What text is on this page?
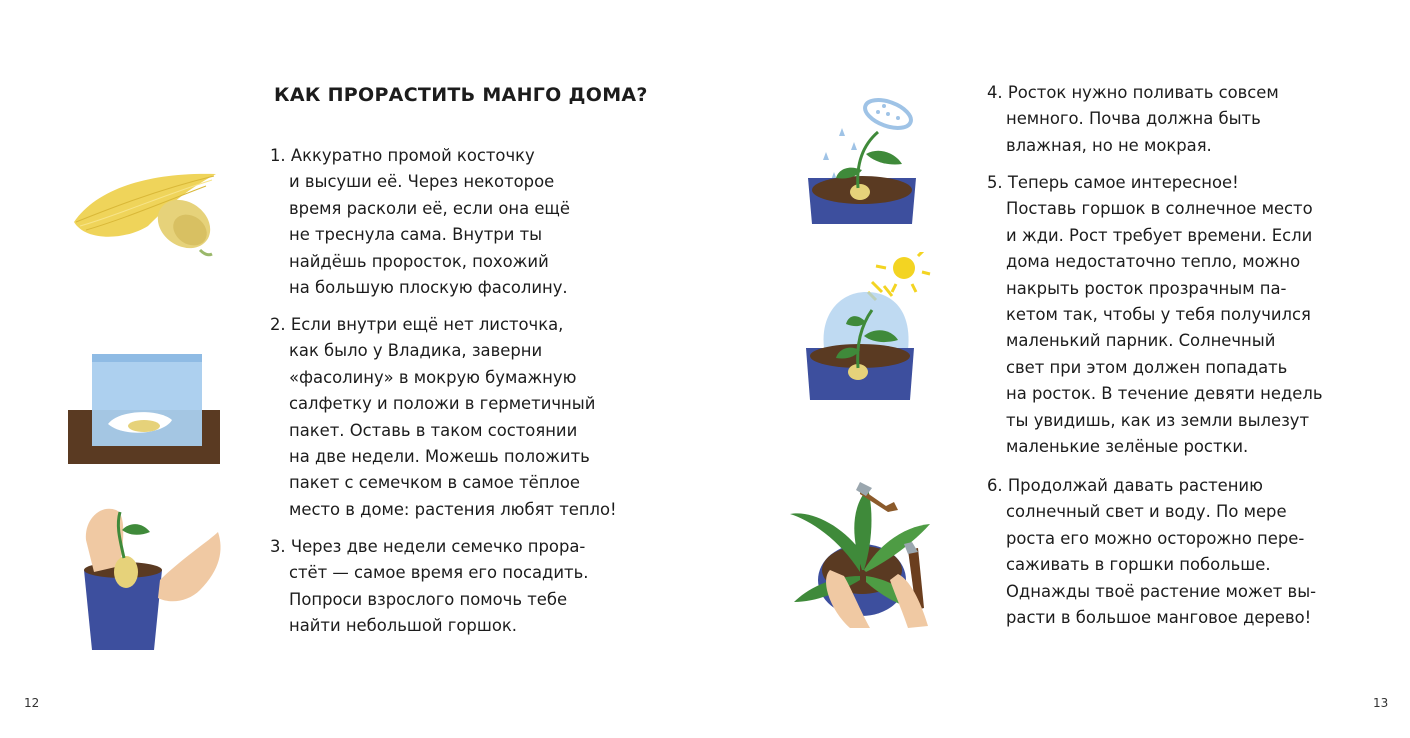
КАК ПРОРАСТИТЬ МАНГО ДОМА?
1. Аккуратно промой косточку
и высуши её. Через некоторое
время расколи её, если она ещё
не треснула сама. Внутри ты
найдёшь проросток, похожий
на большую плоскую фасолину.
2. Если внутри ещё нет листочка,
как было у Владика, заверни
«фасолину» в мокрую бумажную
салфетку и положи в герметичный
пакет. Оставь в таком состоянии
на две недели. Можешь положить
пакет с семечком в самое тёплое
место в доме: растения любят тепло!
3. Через две недели семечко прора-
стёт — самое время его посадить.
Попроси взрослого помочь тебе
найти небольшой горшок.
4. Росток нужно поливать совсем
немного. Почва должна быть
влажная, но не мокрая.
5. Теперь самое интересное!
Поставь горшок в солнечное место
и жди. Рост требует времени. Если
дома недостаточно тепло, можно
накрыть росток прозрачным па-
кетом так, чтобы у тебя получился
маленький парник. Солнечный
свет при этом должен попадать
на росток. В течение девяти недель
ты увидишь, как из земли вылезут
маленькие зелёные ростки.
6. Продолжай давать растению
солнечный свет и воду. По мере
роста его можно осторожно пере-
саживать в горшки побольше.
Однажды твоё растение может вы-
расти в большое манговое дерево!
12	13
